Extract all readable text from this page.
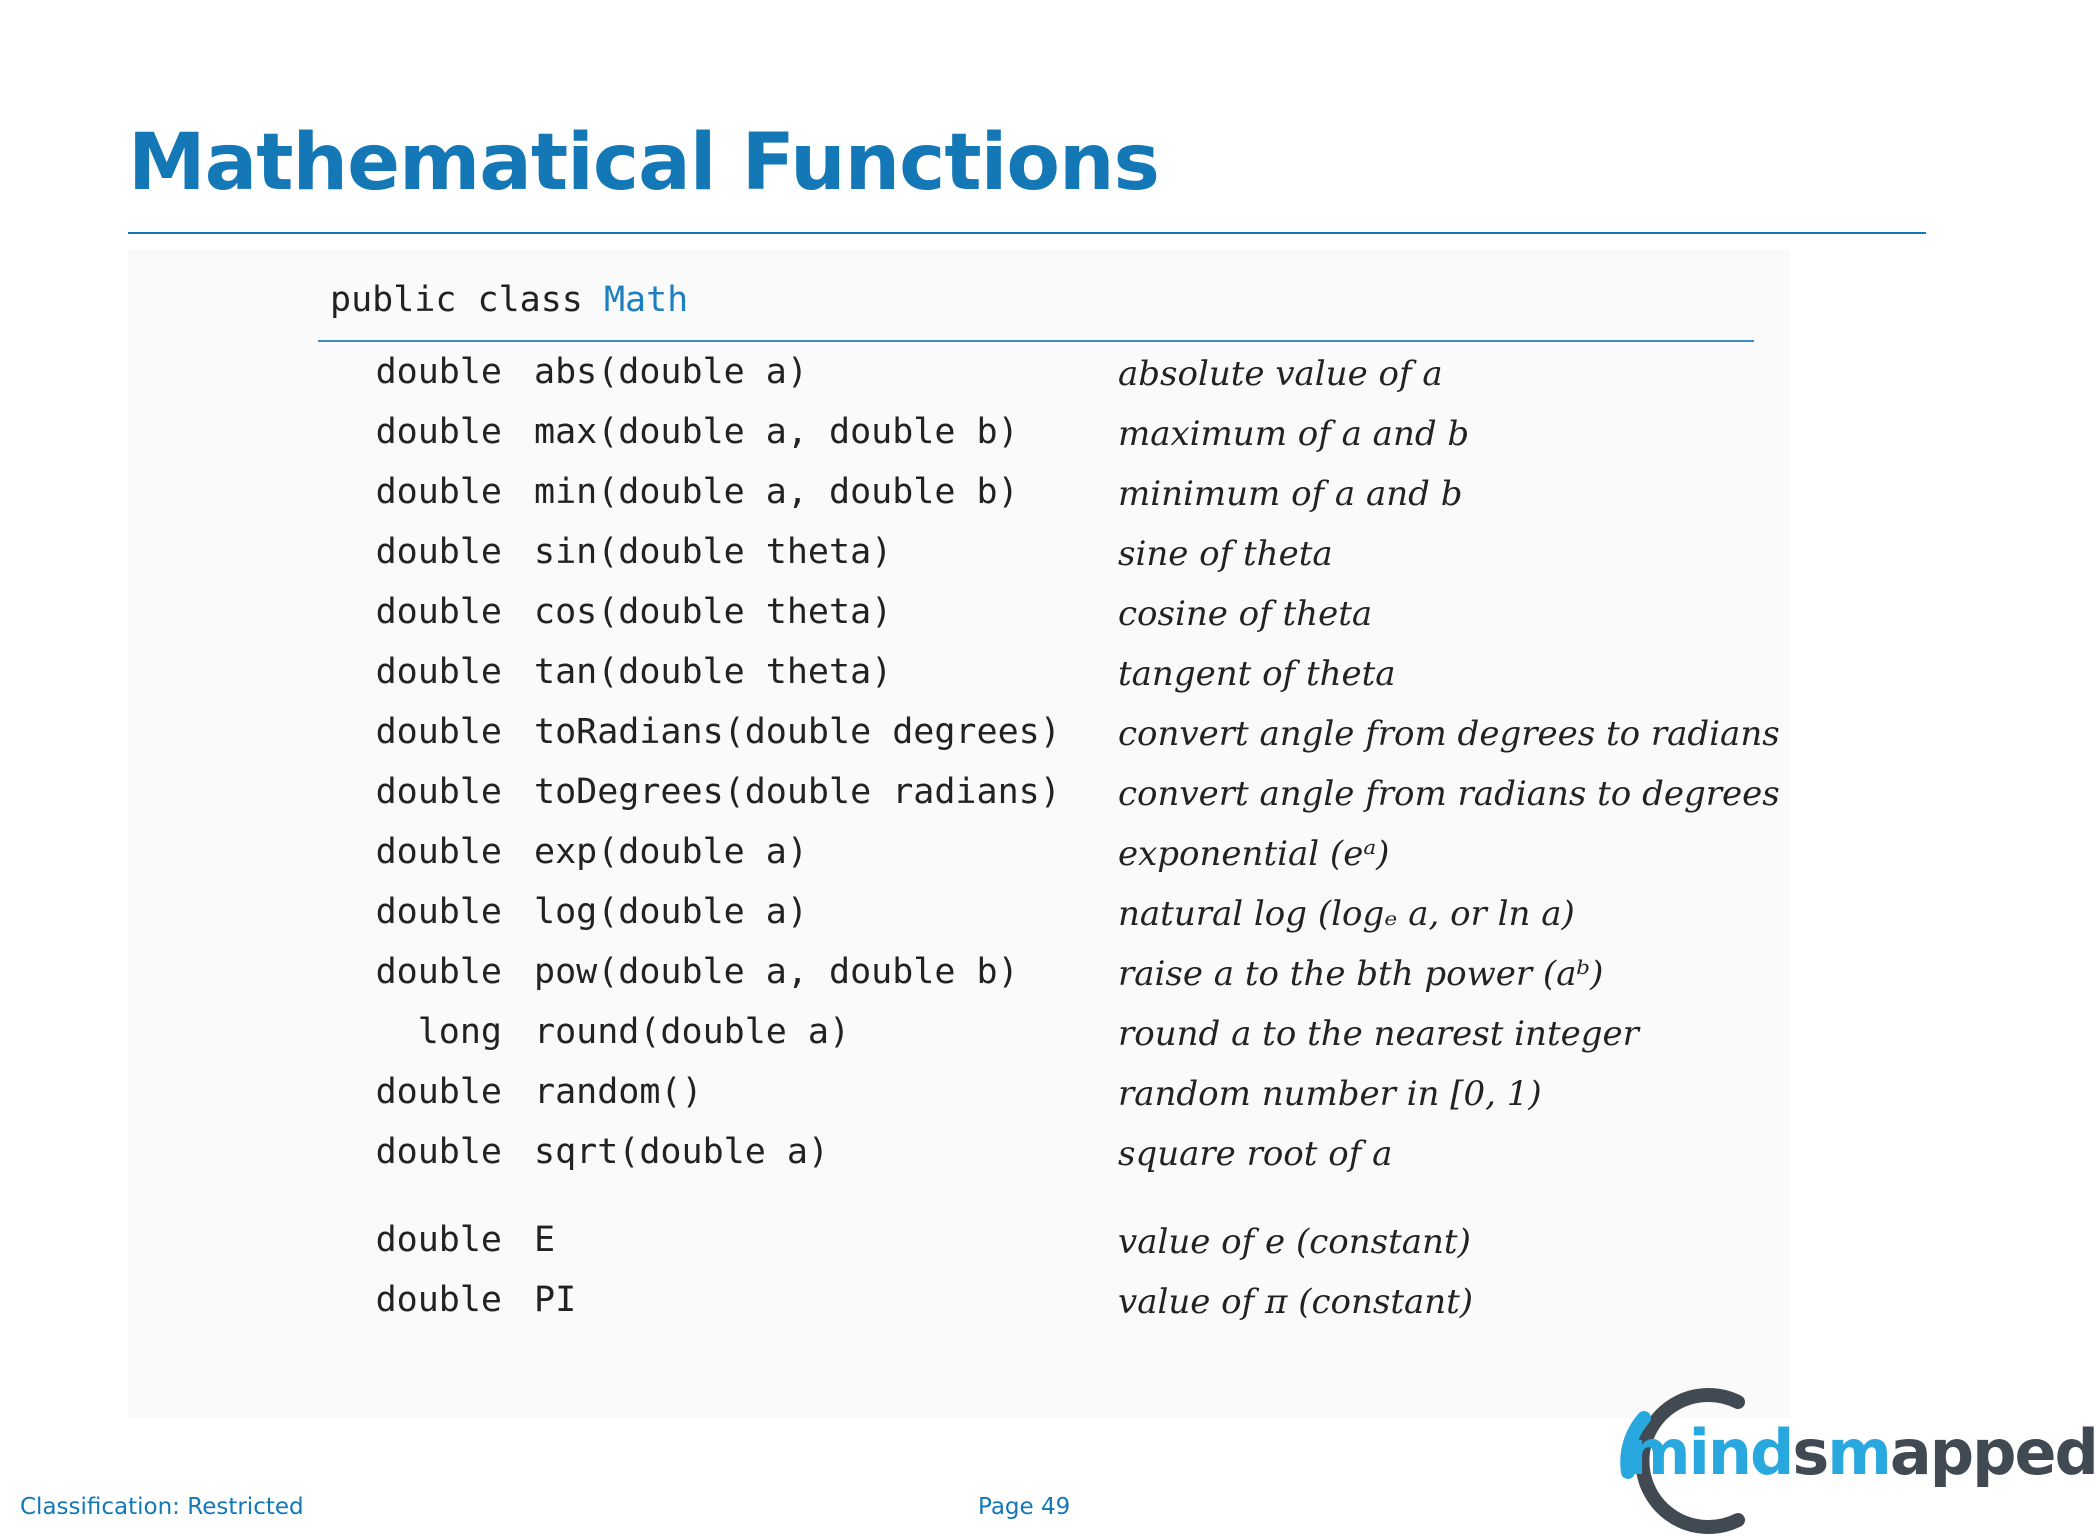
Mathematical Functions
public class Math
double abs(double a)	absolute value of a
double max(double a, double b)	maximum of a and b
double min(double a, double b)	minimum of a and b
double sin(double theta)	sine of theta
double cos(double theta)	cosine of theta
double tan(double theta)	tangent of theta
double toRadians(double degrees) convert angle from degrees to radians
double toDegrees(double radians) convert angle from radians to degrees
double exp(double a)	exponential (eᵃ)
double log(double a)	natural log (logₑ a, or ln a)
double pow(double a, double b)	raise a to the bth power (aᵇ)
long round(double a)	round a to the nearest integer
double random()	random number in [0, 1)
double sqrt(double a)	square root of a
double E	value of e (constant)
double PI	value of π (constant)
Classification: Restricted	Page 49
mindsmapped
